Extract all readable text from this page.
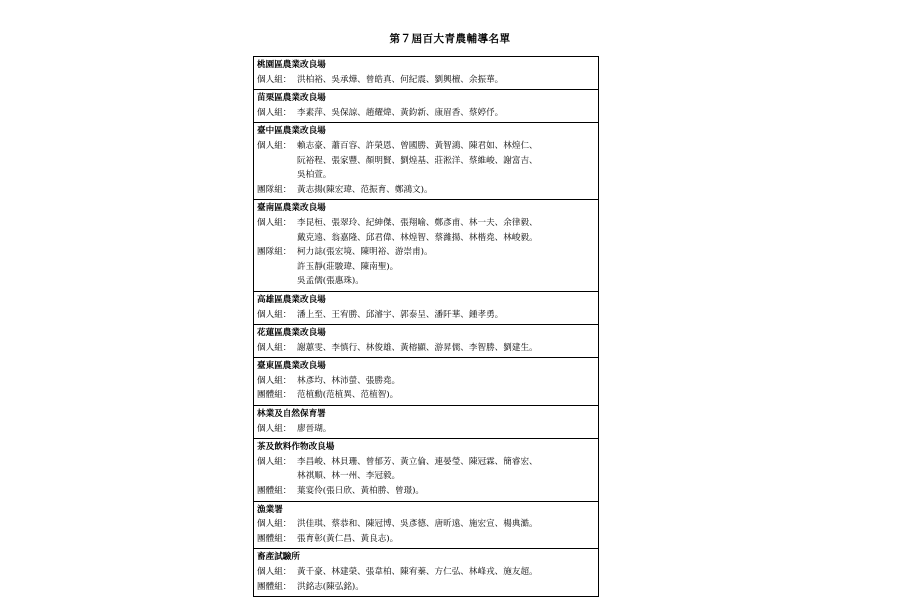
第７屆百大青農輔導名單
桃園區農業改良場
個人組： 洪柏裕、吳承燁、曾皓真、何紀震、劉興檀、余振華。
苗栗區農業改良場
個人組： 李素萍、吳保諒、趙耀煒、黃鈞新、康眉香、蔡婷伃。
臺中區農業改良場
個人組： 賴志豪、蕭百容、許榮恩、曾國勝、黃智鴻、陳君如、林煌仁、
阮裕程、張家豐、顏明賢、劉煌基、莊淞洋、蔡維峻、謝富吉、
吳柏萱。
團隊組： 黃志揚(陳宏瑋、范振育、鄭鴻文)。
臺南區農業改良場
個人組： 李昆桓、張翠玲、紀紳傑、張翔喻、鄭彥甫、林一夫、余律毅、
戴克遠、翁嘉隆、邱君偉、林煌智、蔡濰揚、林楷堯、林峻毅。
團隊組： 柯力誌(張宏境、陳明裕、游崇甫)。
許玉靜(莊駿瑋、陳南聖)。
吳孟儒(張惠珠)。
高雄區農業改良場
個人組： 潘上至、王宥勝、邱濬宇、郭泰呈、潘阡華、鍾孝勇。
花蓮區農業改良場
個人組： 謝蕙雯、李慎行、林俊雄、黃榕顯、游昇儒、李智勝、劉建生。
臺東區農業改良場
個人組： 林彥均、林沛螢、張勝堯。
團體組： 范植勳(范植異、范植智)。
林業及自然保育署
個人組： 廖晉瑚。
茶及飲料作物改良場
個人組： 李昌峻、林貝珊、曾郁芳、黃立倫、連晏瑩、陳冠霖、簡睿宏、
林祺順、林一州、李冠毅。
團體組： 葉宴伶(張日欣、黃柏勝、曾璟)。
漁業署
個人組： 洪佳琪、蔡恭和、陳冠博、吳彥德、唐昕遠、施宏宣、楊典澔。
團體組： 張育彰(黃仁昌、黃良志)。
畜產試驗所
個人組： 黃千豪、林建榮、張韋柏、陳宥蓁、方仁弘、林峰戎、施友超。
團體組： 洪銘志(陳弘銘)。
